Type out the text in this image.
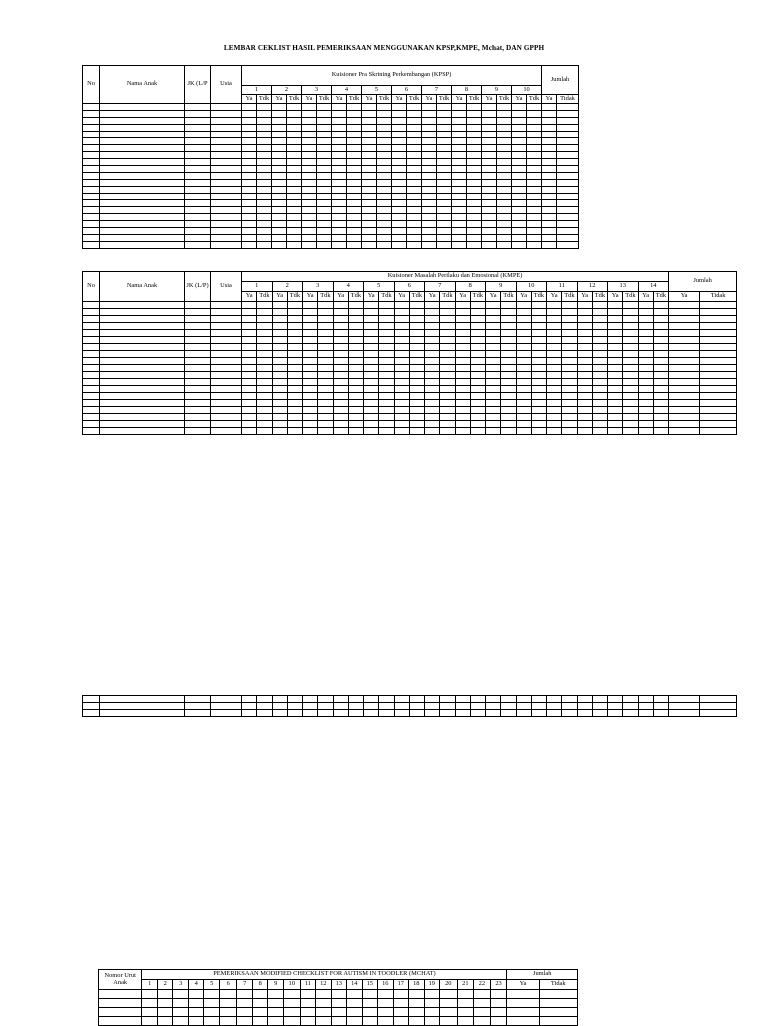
LEMBAR CEKLIST HASIL PEMERIKSAAN MENGGUNAKAN KPSP,KMPE, Mchat, DAN GPPH
No	Nama Anak	JK (L/P	Usia	Kuisioner Pra Skrining Perkembangan (KPSP)																				Jumlah	
				1		2		3		4		5		6		7		8		9		10			
				Ya	Tdk	Ya	Tdk	Ya	Tdk	Ya	Tdk	Ya	Tdk	Ya	Tdk	Ya	Tdk	Ya	Tdk	Ya	Tdk	Ya	Tdk	Ya	Tidak

No	Nama Anak	JK (L/P)	Usia	Kuisioner Masalah Perilaku dan Emosional (KMPE)																												Jumlah	
				1		2		3		4		5		6		7		8		9		10		11		12		13		14			
				Ya	Tdk	Ya	Tdk	Ya	Tdk	Ya	Tdk	Ya	Tdk	Ya	Tdk	Ya	Tdk	Ya	Tdk	Ya	Tdk	Ya	Tdk	Ya	Tdk	Ya	Tdk	Ya	Tdk	Ya	Tdk	Ya	Tidak

Nomor Urut Anak	PEMERIKSAAN MODIFIED CHECKLIST FOR AUTISM IN TOODLER (MCHAT)																							Jumlah	
	1	2	3	4	5	6	7	8	9	10	11	12	13	14	15	16	17	18	19	20	21	22	23	Ya	Tidak
